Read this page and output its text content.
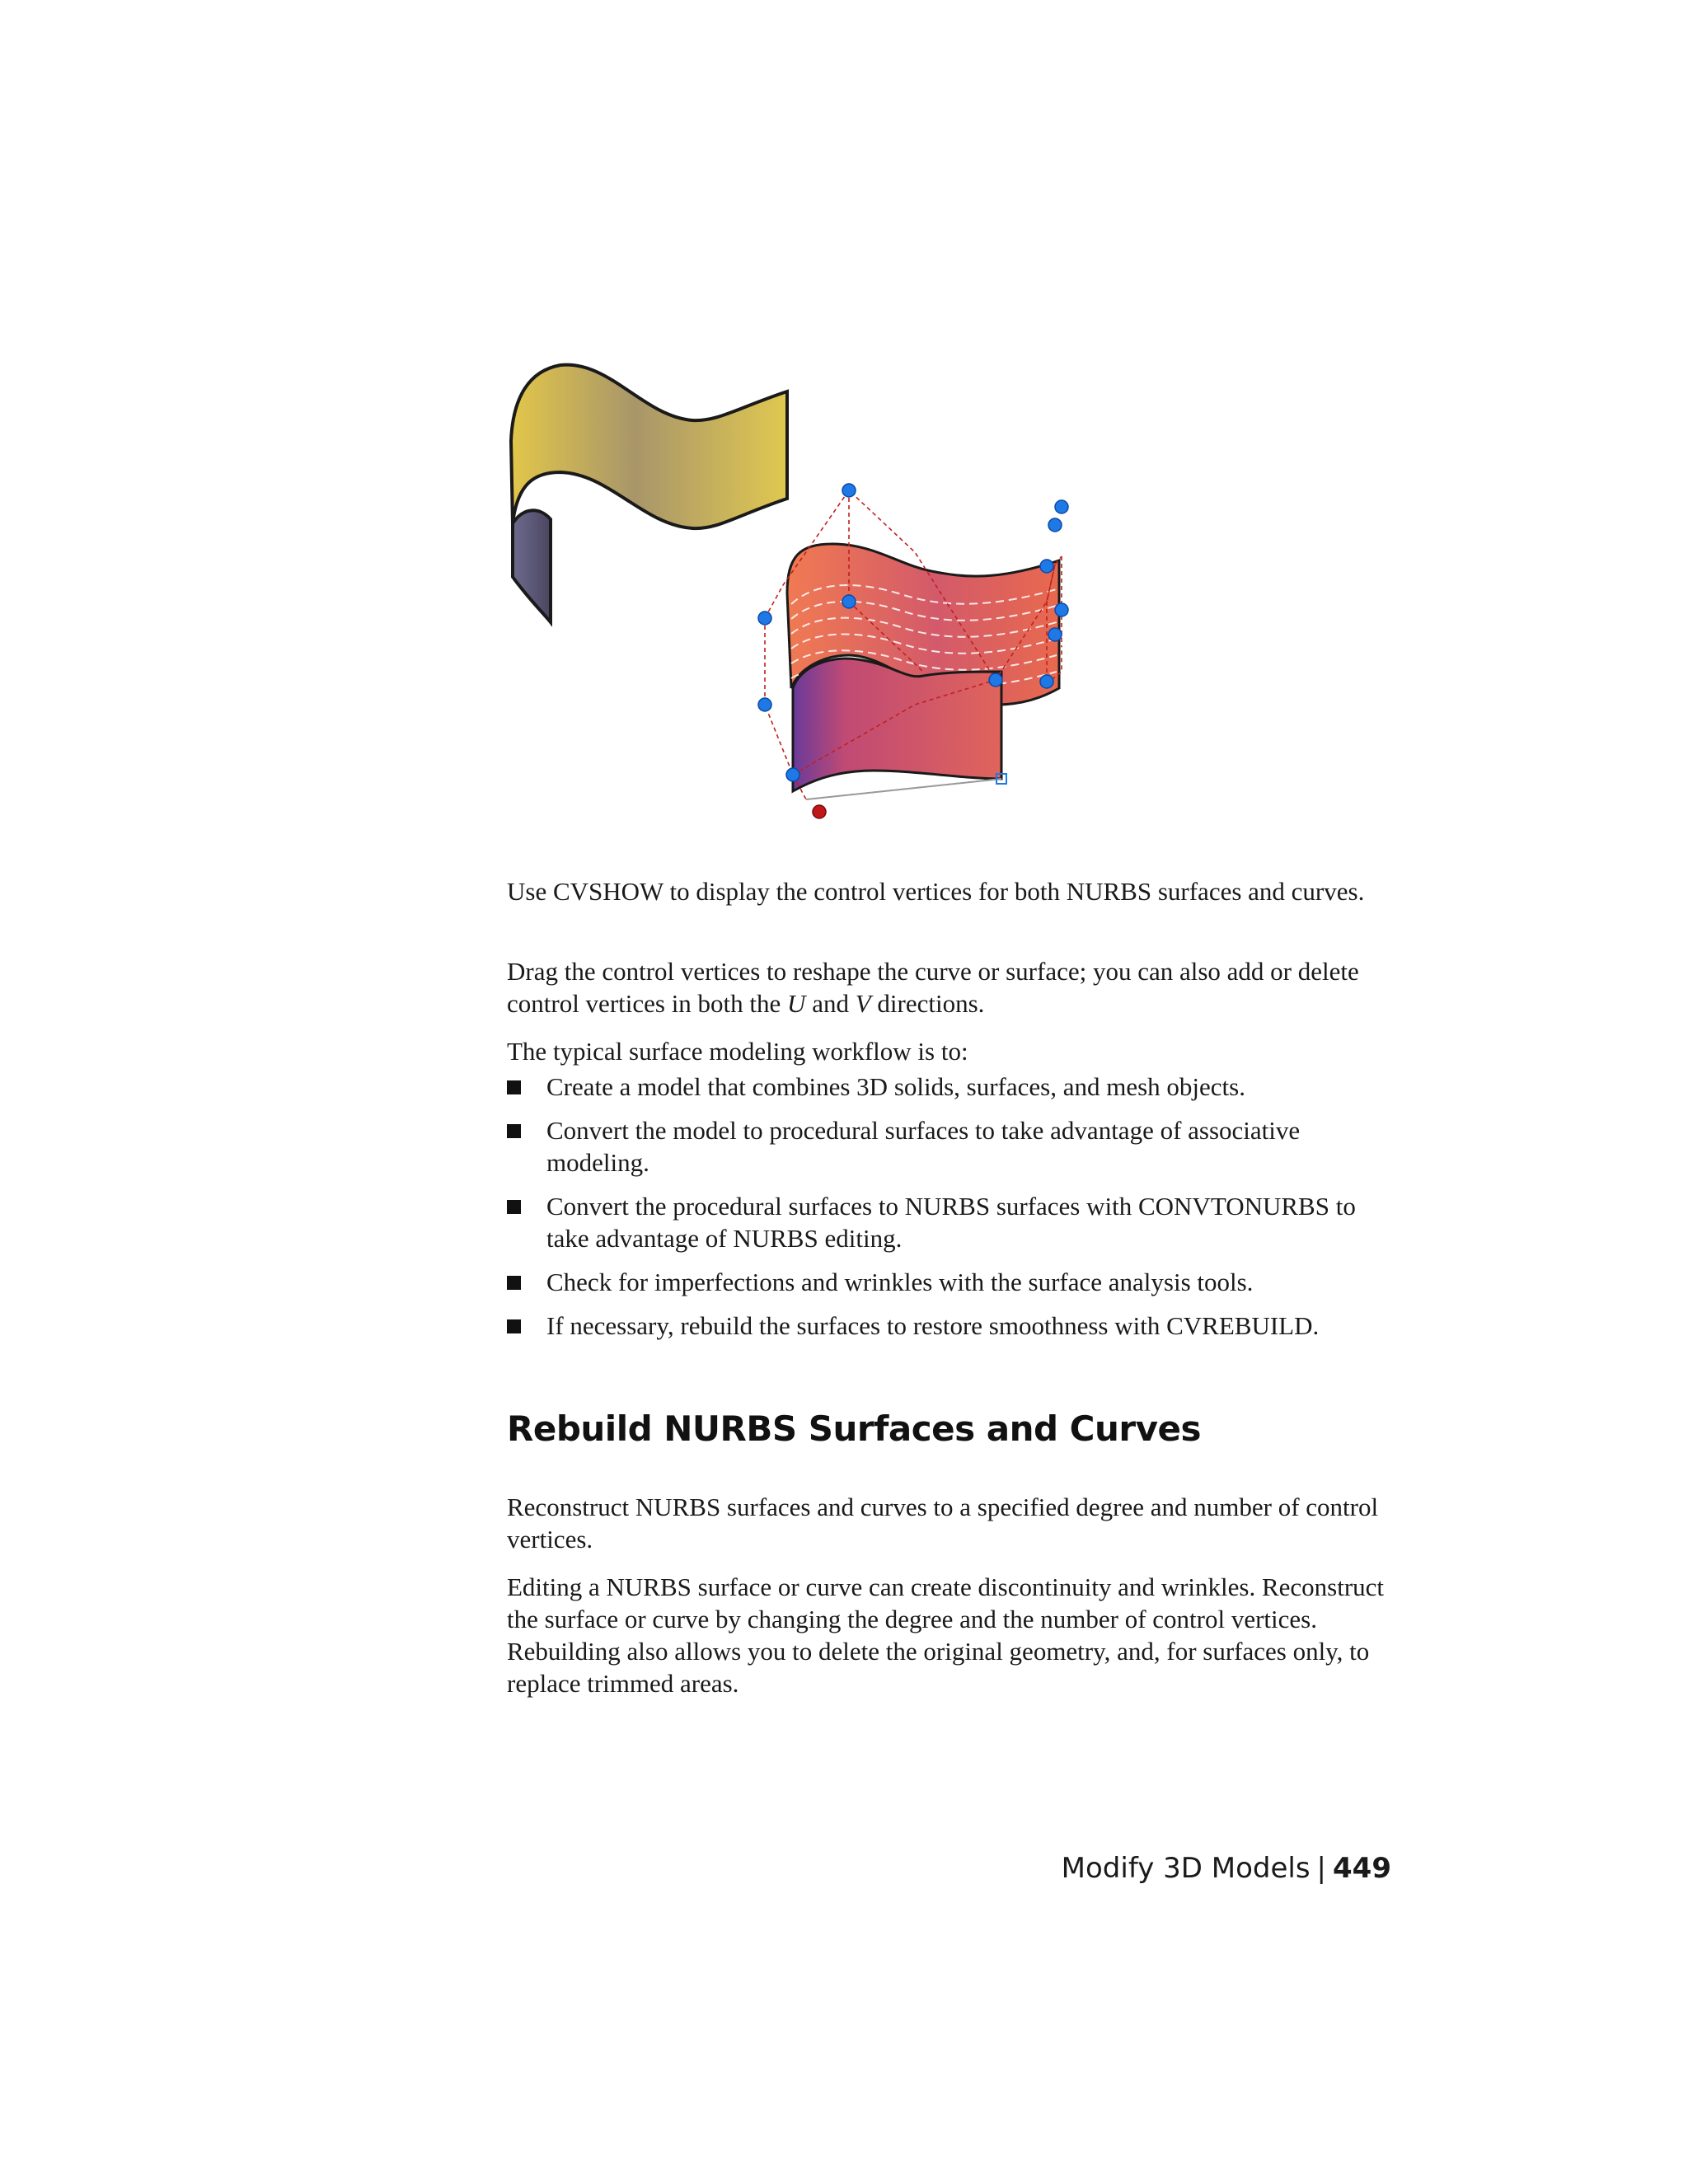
Use CVSHOW to display the control vertices for both NURBS surfaces and curves.

Drag the control vertices to reshape the curve or surface; you can also add or delete control vertices in both the U and V directions.

The typical surface modeling workflow is to:

Create a model that combines 3D solids, surfaces, and mesh objects.
Convert the model to procedural surfaces to take advantage of associative modeling.
Convert the procedural surfaces to NURBS surfaces with CONVTONURBS to take advantage of NURBS editing.
Check for imperfections and wrinkles with the surface analysis tools.
If necessary, rebuild the surfaces to restore smoothness with CVREBUILD.
Rebuild NURBS Surfaces and Curves

Reconstruct NURBS surfaces and curves to a specified degree and number of control vertices.

Editing a NURBS surface or curve can create discontinuity and wrinkles. Reconstruct the surface or curve by changing the degree and the number of control vertices. Rebuilding also allows you to delete the original geometry, and, for surfaces only, to replace trimmed areas.

Modify 3D Models | 449
